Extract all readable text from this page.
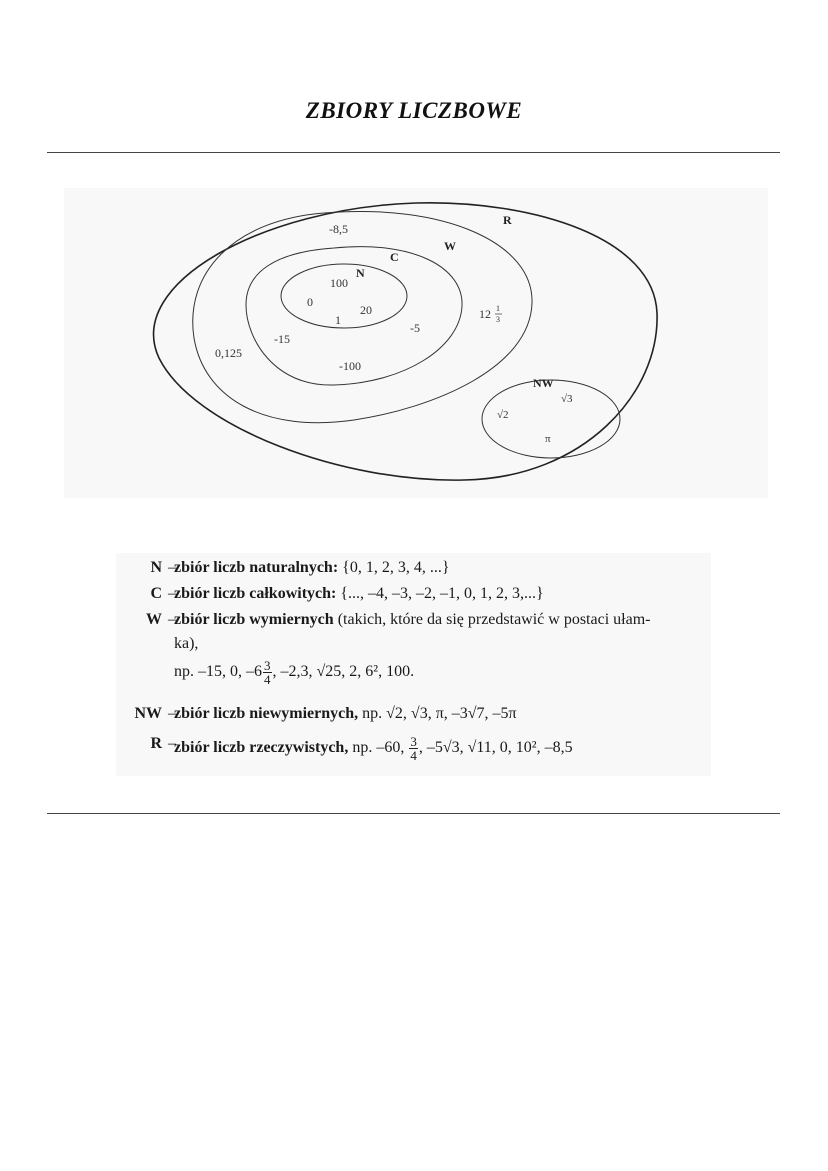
ZBIORY LICZBOWE
R
W
C
N
NW
-8,5
100
0
20
1
-5
-15
0,125
-100
12 1
3
√2
√3
π
N –
zbiór liczb naturalnych: {0, 1, 2, 3, 4, ...}
C –
zbiór liczb całkowitych: {..., –4, –3, –2, –1, 0, 1, 2, 3,...}
W –
zbiór liczb wymiernych (takich, które da się przedstawić w postaci ułam-
ka),
np. –15, 0, $-6 \frac{3}{4}$ , –2,3, √25, 2, 6², 100.
NW –
zbiór liczb niewymiernych, np. √2, √3, π, –3√7, –5π
R –
zbiór liczb rzeczywistych, np. –60, $\frac{3}{4}$ , –5√3, √11, 0, 10², –8,5
